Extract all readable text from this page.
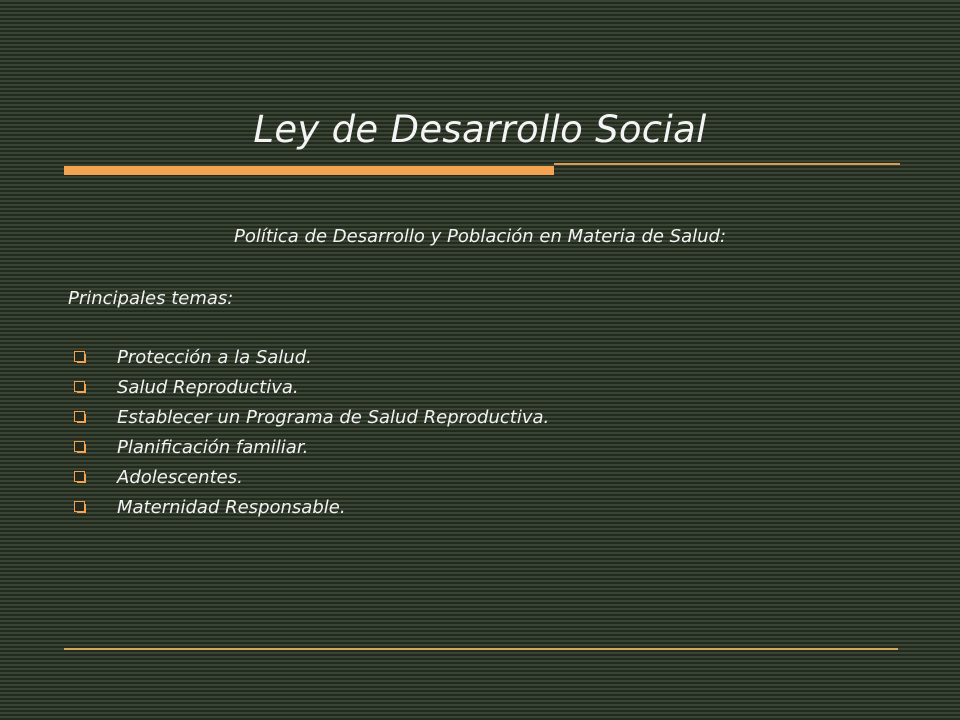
Ley de Desarrollo Social
Política de Desarrollo y Población en Materia de Salud:
Principales temas:
Protección a la Salud.
Salud Reproductiva.
Establecer un Programa de Salud Reproductiva.
Planificación familiar.
Adolescentes.
Maternidad Responsable.
